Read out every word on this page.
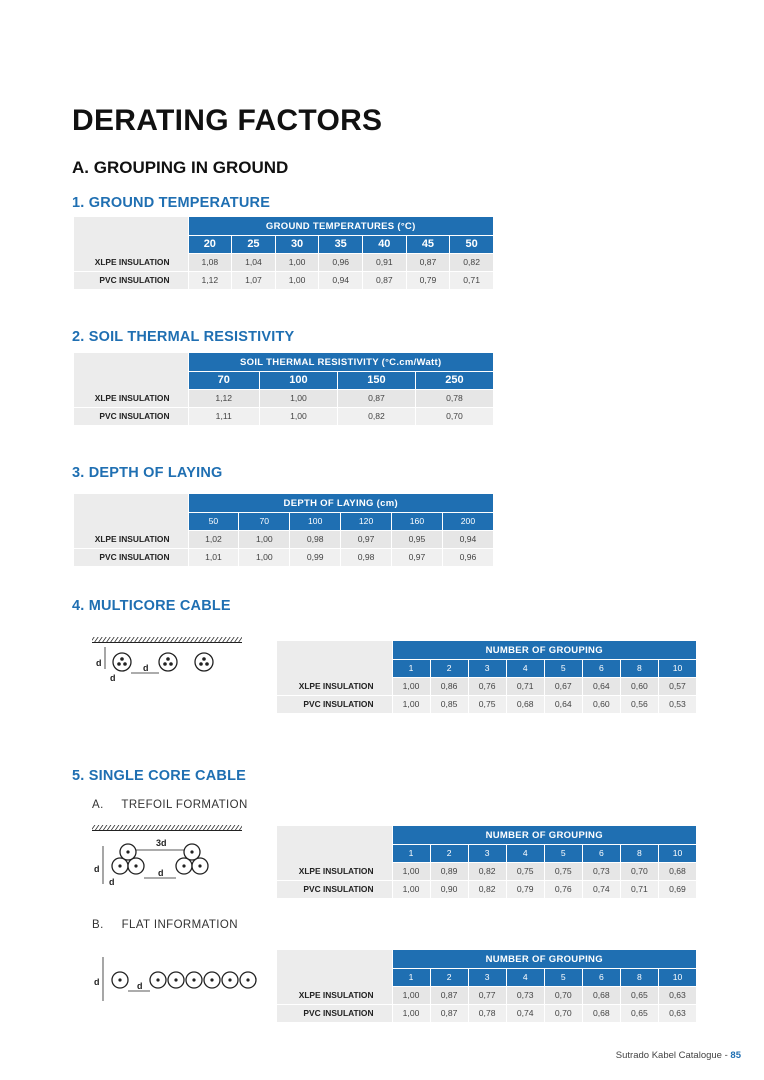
DERATING FACTORS
A. GROUPING IN GROUND
1. GROUND TEMPERATURE
	GROUND TEMPERATURES (°C)						
	20	25	30	35	40	45	50
XLPE INSULATION	1,08	1,04	1,00	0,96	0,91	0,87	0,82
PVC INSULATION	1,12	1,07	1,00	0,94	0,87	0,79	0,71
2. SOIL THERMAL RESISTIVITY
	SOIL THERMAL RESISTIVITY (°C.cm/Watt)			
	70	100	150	250
XLPE INSULATION	1,12	1,00	0,87	0,78
PVC INSULATION	1,11	1,00	0,82	0,70
3. DEPTH OF LAYING
	DEPTH OF LAYING (cm)					
	50	70	100	120	160	200
XLPE INSULATION	1,02	1,00	0,98	0,97	0,95	0,94
PVC INSULATION	1,01	1,00	0,99	0,98	0,97	0,96
4. MULTICORE CABLE
d	d
d
	NUMBER OF GROUPING							
	1	2	3	4	5	6	8	10
XLPE INSULATION	1,00	0,86	0,76	0,71	0,67	0,64	0,60	0,57
PVC INSULATION	1,00	0,85	0,75	0,68	0,64	0,60	0,56	0,53
5. SINGLE CORE CABLE
A. TREFOIL FORMATION
3d
d	d
d
	NUMBER OF GROUPING							
	1	2	3	4	5	6	8	10
XLPE INSULATION	1,00	0,89	0,82	0,75	0,75	0,73	0,70	0,68
PVC INSULATION	1,00	0,90	0,82	0,79	0,76	0,74	0,71	0,69
B. FLAT INFORMATION
d	d
	NUMBER OF GROUPING							
	1	2	3	4	5	6	8	10
XLPE INSULATION	1,00	0,87	0,77	0,73	0,70	0,68	0,65	0,63
PVC INSULATION	1,00	0,87	0,78	0,74	0,70	0,68	0,65	0,63
Sutrado Kabel Catalogue - 85
